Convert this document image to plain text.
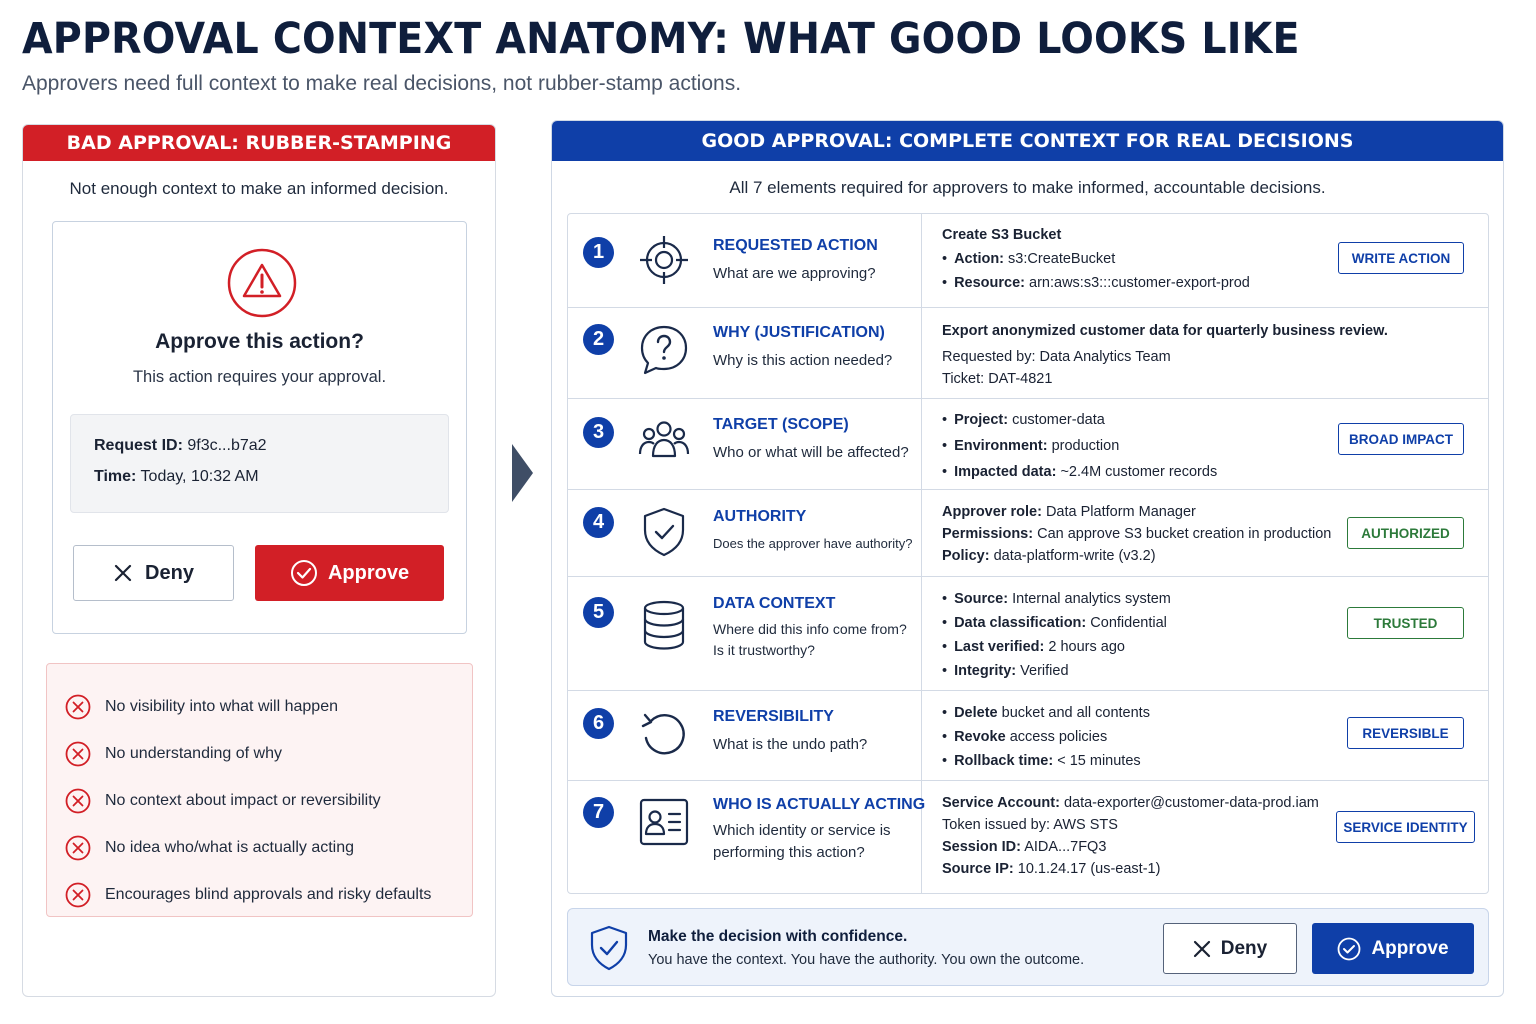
APPROVAL CONTEXT ANATOMY: WHAT GOOD LOOKS LIKE
Approvers need full context to make real decisions, not rubber-stamp actions.
BAD APPROVAL: RUBBER-STAMPING
Not enough context to make an informed decision.
Approve this action?
This action requires your approval.
Request ID: 9f3c...b7a2
Time: Today, 10:32 AM
Deny	Approve
No visibility into what will happen
No understanding of why
No context about impact or reversibility
No idea who/what is actually acting
Encourages blind approvals and risky defaults
GOOD APPROVAL: COMPLETE CONTEXT FOR REAL DECISIONS
All 7 elements required for approvers to make informed, accountable decisions.
1	REQUESTED ACTION
What are we approving?
Create S3 Bucket
• Action: s3:CreateBucket
• Resource: arn:aws:s3:::customer-export-prod
WRITE ACTION
2	WHY (JUSTIFICATION)
Why is this action needed?
Export anonymized customer data for quarterly business review.
Requested by: Data Analytics Team
Ticket: DAT-4821
3	TARGET (SCOPE)
Who or what will be affected?
• Project: customer-data
• Environment: production
• Impacted data: ~2.4M customer records
BROAD IMPACT
4	AUTHORITY
Does the approver have authority?
Approver role: Data Platform Manager
Permissions: Can approve S3 bucket creation in production
Policy: data-platform-write (v3.2)
AUTHORIZED
5	DATA CONTEXT
Where did this info come from?
Is it trustworthy?
• Source: Internal analytics system
• Data classification: Confidential
• Last verified: 2 hours ago
• Integrity: Verified
TRUSTED
6	REVERSIBILITY
What is the undo path?
• Delete bucket and all contents
• Revoke access policies
• Rollback time: < 15 minutes
REVERSIBLE
7	WHO IS ACTUALLY ACTING
Which identity or service is
performing this action?
Service Account: data-exporter@customer-data-prod.iam
Token issued by: AWS STS
Session ID: AIDA...7FQ3
Source IP: 10.1.24.17 (us-east-1)
SERVICE IDENTITY
Make the decision with confidence.
You have the context. You have the authority. You own the outcome.
Deny	Approve
